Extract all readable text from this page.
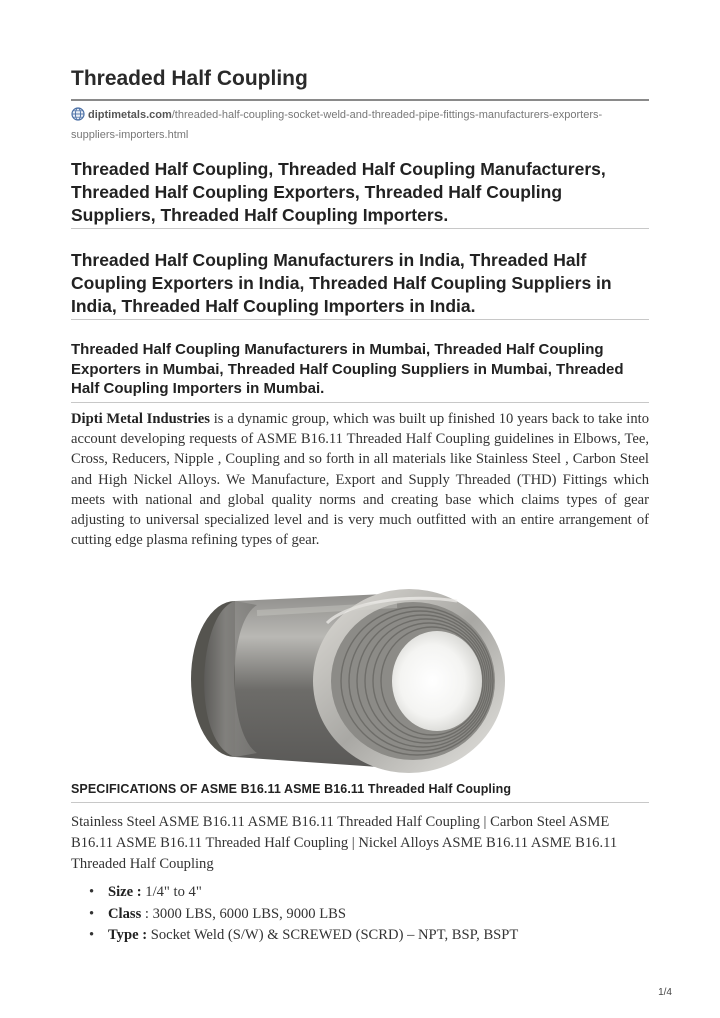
Threaded Half Coupling
diptimetals.com/threaded-half-coupling-socket-weld-and-threaded-pipe-fittings-manufacturers-exporters-suppliers-importers.html
Threaded Half Coupling, Threaded Half Coupling Manufacturers, Threaded Half Coupling Exporters, Threaded Half Coupling Suppliers, Threaded Half Coupling Importers.
Threaded Half Coupling Manufacturers in India, Threaded Half Coupling Exporters in India, Threaded Half Coupling Suppliers in India, Threaded Half Coupling Importers in India.
Threaded Half Coupling Manufacturers in Mumbai, Threaded Half Coupling Exporters in Mumbai, Threaded Half Coupling Suppliers in Mumbai, Threaded Half Coupling Importers in Mumbai.

Dipti Metal Industries is a dynamic group, which was built up finished 10 years back to take into account developing requests of ASME B16.11 Threaded Half Coupling guidelines in Elbows, Tee, Cross, Reducers, Nipple , Coupling and so forth in all materials like Stainless Steel , Carbon Steel and High Nickel Alloys. We Manufacture, Export and Supply Threaded (THD) Fittings which meets with national and global quality norms and creating base which claims types of gear adjusting to universal specialized level and is very much outfitted with an entire arrangement of cutting edge plasma refining types of gear.

SPECIFICATIONS OF ASME B16.11 ASME B16.11 Threaded Half Coupling

Stainless Steel ASME B16.11 ASME B16.11 Threaded Half Coupling | Carbon Steel ASME B16.11 ASME B16.11 Threaded Half Coupling | Nickel Alloys ASME B16.11 ASME B16.11 Threaded Half Coupling

• Size : 1/4" to 4"
• Class : 3000 LBS, 6000 LBS, 9000 LBS
• Type : Socket Weld (S/W) & SCREWED (SCRD) – NPT, BSP, BSPT
1/4
